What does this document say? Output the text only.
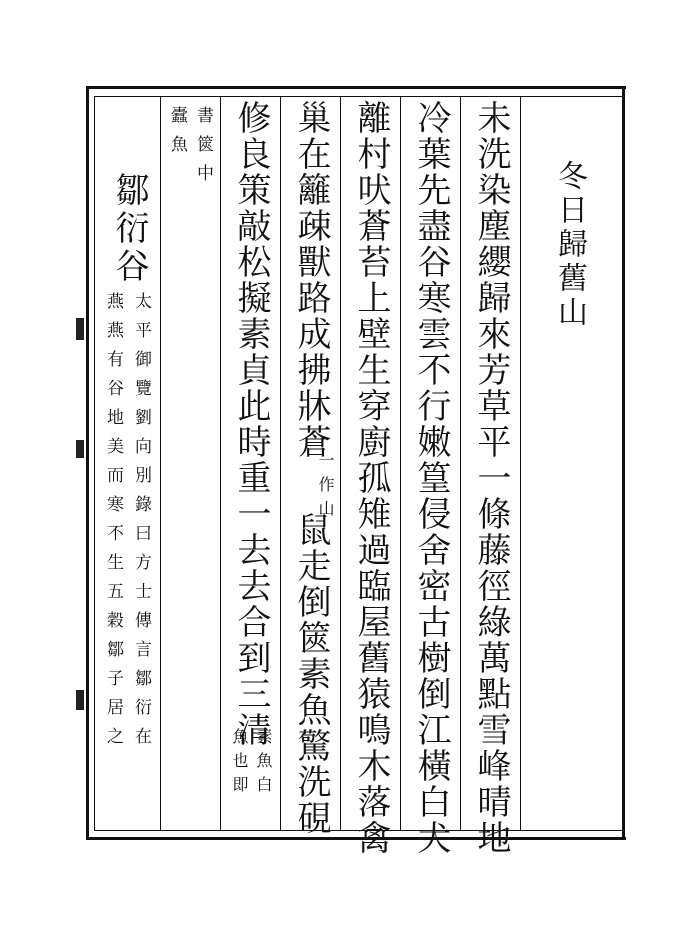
冬日歸舊山
未洗染塵纓歸來芳草平一條藤徑綠萬點雪峰晴地
冷葉先盡谷寒雲不行嫩篁侵舍密古樹倒江橫白犬
離村吠蒼苔上壁生穿廚孤雉過臨屋舊猿鳴木落禽
巢在籬疎獸路成拂牀蒼
一作山
鼠走倒篋素魚驚洗硯
修良策敲松擬素貞此時重一去去合到三清
素魚白
魚也即
書篋中
蠹魚
鄒衍谷
太平御覽劉向別錄曰方士傳言鄒衍在
燕燕有谷地美而寒不生五穀鄒子居之
